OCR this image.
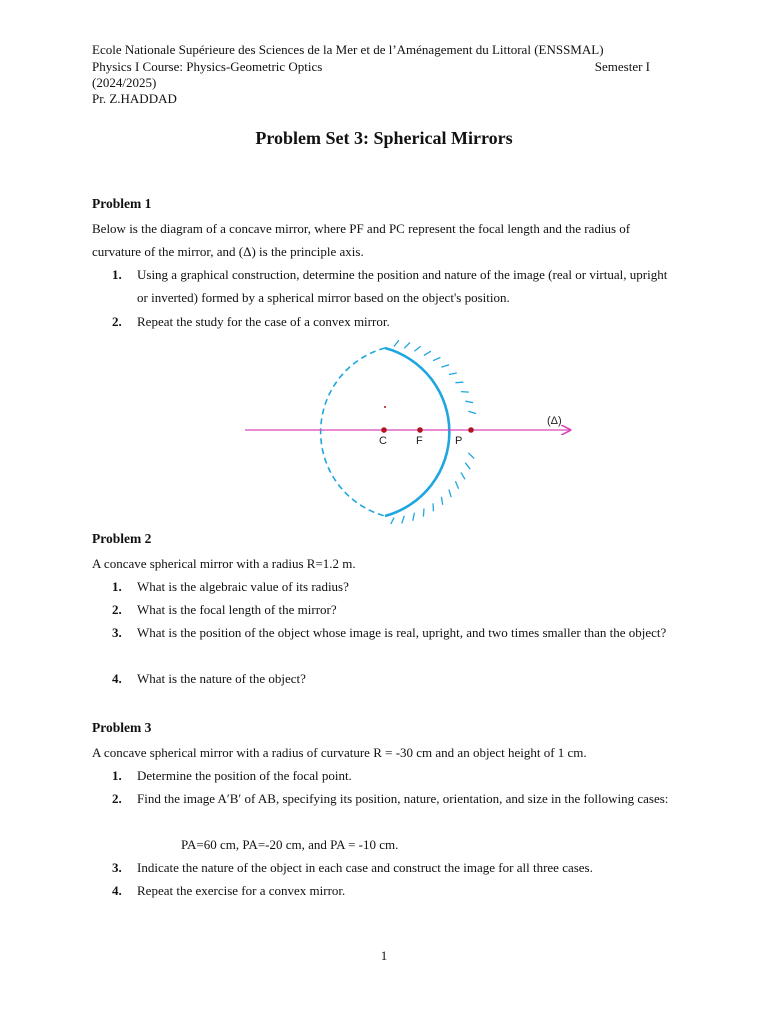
Ecole Nationale Supérieure des Sciences de la Mer et de l’Aménagement du Littoral (ENSSMAL)
Physics I Course: Physics-Geometric Optics	Semester I
(2024/2025)
Pr. Z.HADDAD
Problem Set 3: Spherical Mirrors
Problem 1
Below is the diagram of a concave mirror, where PF and PC represent the focal length and the radius of
curvature of the mirror, and (Δ) is the principle axis.
1. Using a graphical construction, determine the position and nature of the image (real or virtual, upright or inverted) formed by a spherical mirror based on the object's position.
2. Repeat the study for the case of a convex mirror.
C	F	P
(Δ)
Problem 2
A concave spherical mirror with a radius R=1.2 m.
1. What is the algebraic value of its radius?
2. What is the focal length of the mirror?
3. What is the position of the object whose image is real, upright, and two times smaller than the object?
4. What is the nature of the object?
Problem 3
A concave spherical mirror with a radius of curvature R = -30 cm and an object height of 1 cm.
1. Determine the position of the focal point.
2. Find the image A′B′ of AB, specifying its position, nature, orientation, and size in the following cases:
PA=60 cm, PA=-20 cm, and PA = -10 cm.
3. Indicate the nature of the object in each case and construct the image for all three cases.
4. Repeat the exercise for a convex mirror.
1
